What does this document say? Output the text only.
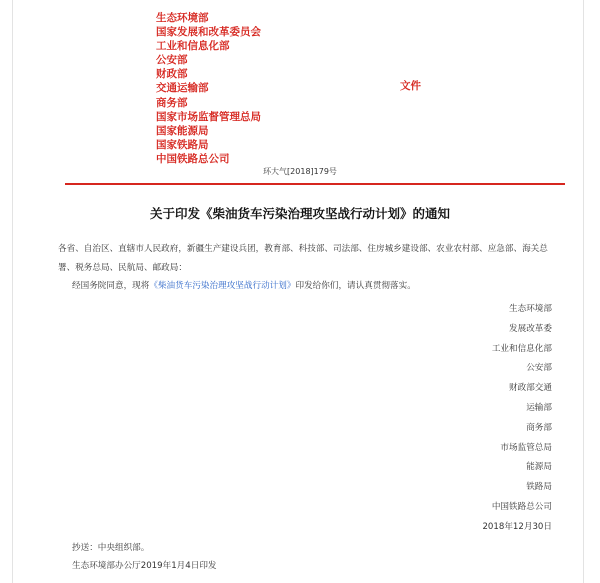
生态环境部
国家发展和改革委员会
工业和信息化部
公安部
财政部
交通运输部
商务部
国家市场监督管理总局
国家能源局
国家铁路局
中国铁路总公司
文件
环大气[2018]179号
关于印发《柴油货车污染治理攻坚战行动计划》的通知
各省、自治区、直辖市人民政府，新疆生产建设兵团，教育部、科技部、司法部、住房城乡建设部、农业农村部、应急部、海关总署、税务总局、民航局、邮政局：
经国务院同意，现将《柴油货车污染治理攻坚战行动计划》印发给你们，请认真贯彻落实。
生态环境部
发展改革委
工业和信息化部
公安部
财政部交通
运输部
商务部
市场监管总局
能源局
铁路局
中国铁路总公司
2018年12月30日
抄送：中央组织部。
生态环境部办公厅2019年1月4日印发
